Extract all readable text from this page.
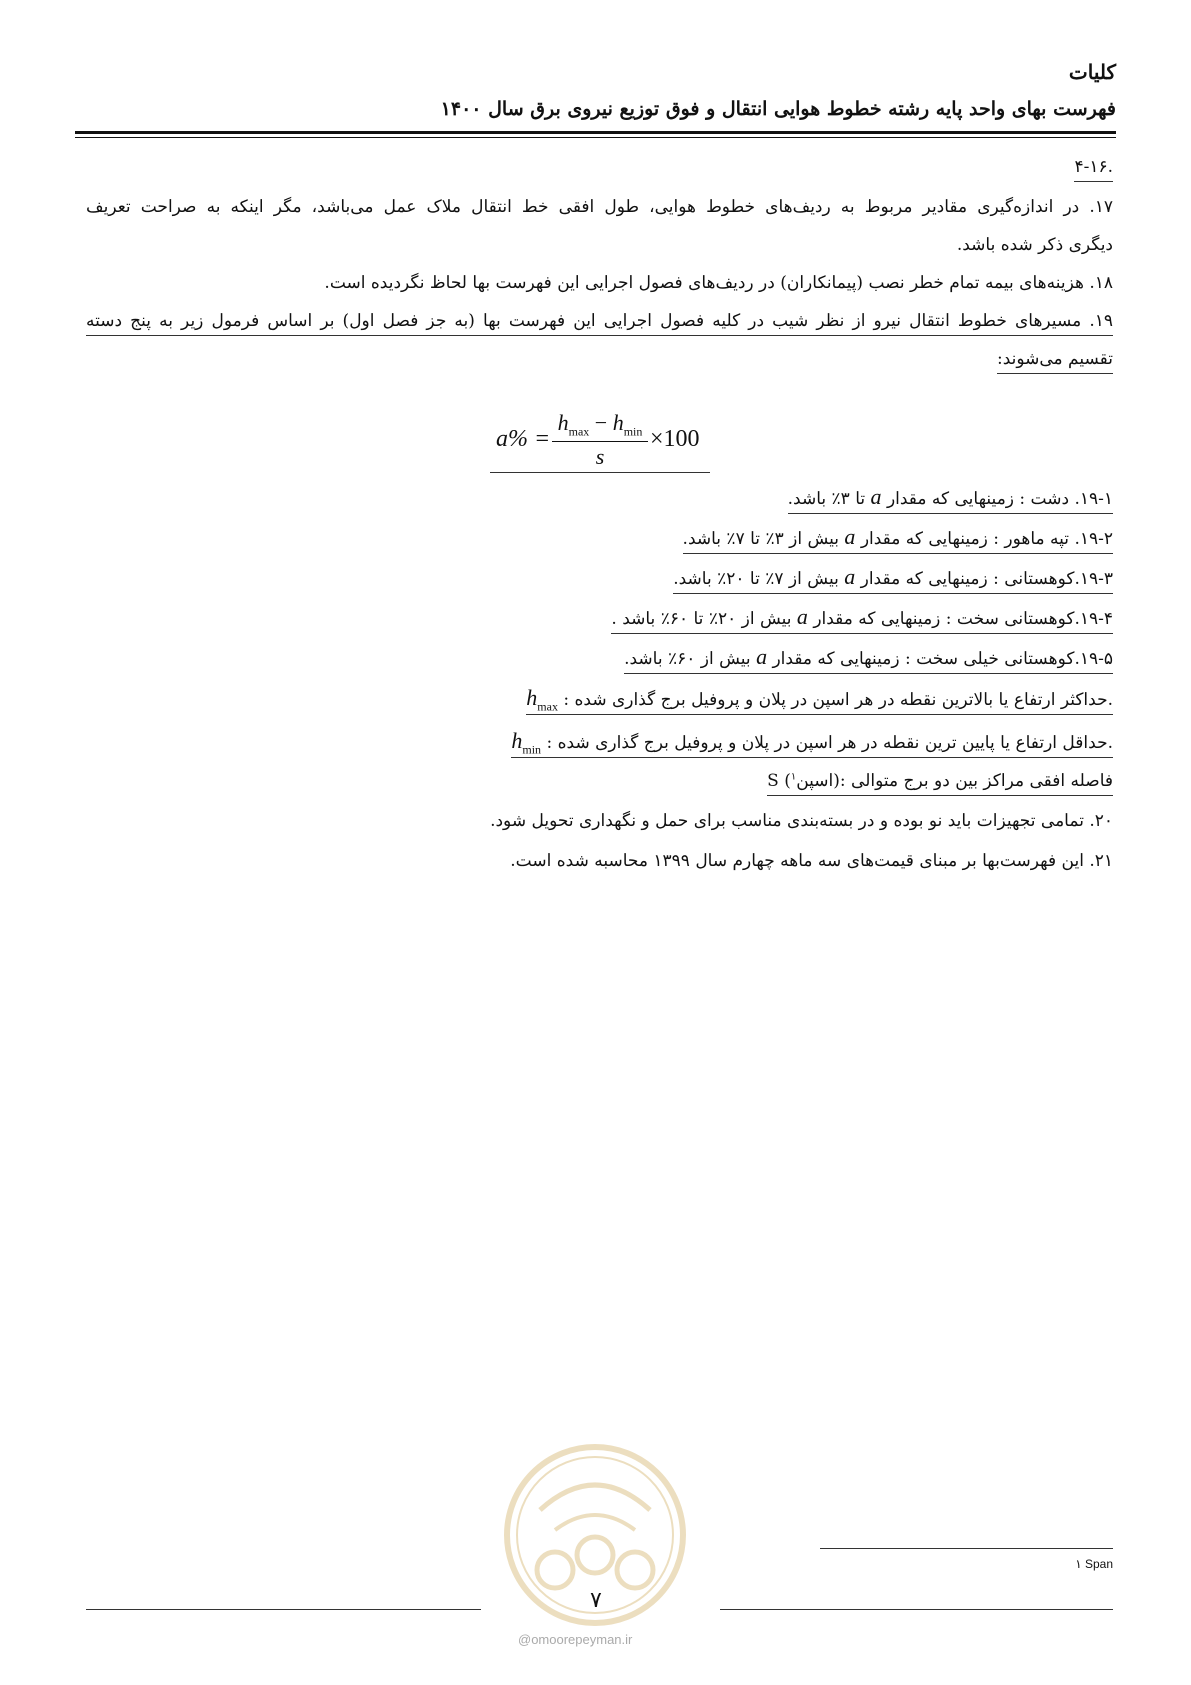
کلیات
فهرست بهای واحد پایه رشته خطوط هوایی انتقال و فوق توزیع نیروی برق سال ۱۴۰۰
۴-۱۶.
۱۷. در اندازه‌گیری مقادیر مربوط به ردیف‌های خطوط هوایی، طول افقی خط انتقال ملاک عمل می‌باشد، مگر اینکه به صراحت تعریف
دیگری ذکر شده باشد.
۱۸. هزینه‌های بیمه تمام خطر نصب (پیمانکاران) در ردیف‌های فصول اجرایی این فهرست بها لحاظ نگردیده است.
۱۹. مسیرهای خطوط انتقال نیرو از نظر شیب در کلیه فصول اجرایی این فهرست بها (به جز فصل اول) بر اساس فرمول زیر به پنج دسته
تقسیم می‌شوند:
a% =
$h_{max} - h_{min}$
s
×100
۱۹-۱. دشت : زمینهایی که مقدار a تا ۳٪ باشد.
۱۹-۲. تپه ماهور : زمینهایی که مقدار a بیش از ۳٪ تا ۷٪ باشد.
۱۹-۳.کوهستانی : زمینهایی که مقدار a بیش از ۷٪ تا ۲۰٪ باشد.
۱۹-۴.کوهستانی سخت : زمینهایی که مقدار a بیش از ۲۰٪ تا ۶۰٪ باشد .
۱۹-۵.کوهستانی خیلی سخت : زمینهایی که مقدار a بیش از ۶۰٪ باشد.
$h_{max}$ : حداکثر ارتفاع یا بالاترین نقطه در هر اسپن در پلان و پروفیل برج گذاری شده.
$h_{min}$ : حداقل ارتفاع یا پایین ترین نقطه در هر اسپن در پلان و پروفیل برج گذاری شده.
S (اسپن$^۱$ ): فاصله افقی مراکز بین دو برج متوالی
۲۰. تمامی تجهیزات باید نو بوده و در بسته‌بندی مناسب برای حمل و نگهداری تحویل شود.
۲۱. این فهرست‌بها بر مبنای قیمت‌های سه ماهه چهارم سال ۱۳۹۹ محاسبه شده است.
۱ Span
۷
@omoorepeyman.ir
